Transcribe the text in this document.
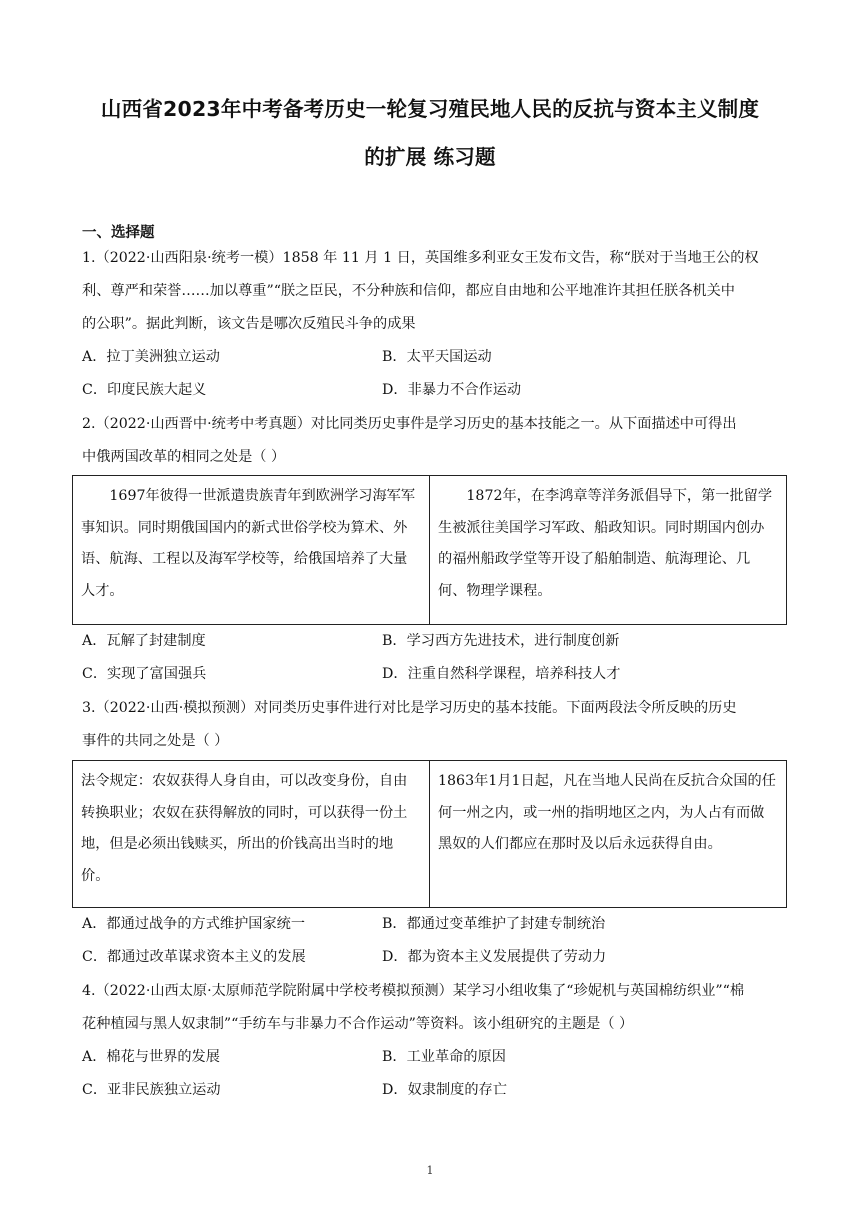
山西省2023年中考备考历史一轮复习殖民地人民的反抗与资本主义制度
的扩展 练习题
一、选择题
1.（2022·山西阳泉·统考一模）1858 年 11 月 1 日，英国维多利亚女王发布文告，称“朕对于当地王公的权
利、尊严和荣誉……加以尊重”“朕之臣民，不分种族和信仰，都应自由地和公平地准许其担任朕各机关中
的公职”。据此判断，该文告是哪次反殖民斗争的成果
A．拉丁美洲独立运动	B．太平天国运动
C．印度民族大起义	D．非暴力不合作运动
2.（2022·山西晋中·统考中考真题）对比同类历史事件是学习历史的基本技能之一。从下面描述中可得出
中俄两国改革的相同之处是（ ）
1697年彼得一世派遣贵族青年到欧洲学习海军军事知识。同时期俄国国内的新式世俗学校为算术、外语、航海、工程以及海军学校等，给俄国培养了大量人才。	1872年，在李鸿章等洋务派倡导下，第一批留学生被派往美国学习军政、船政知识。同时期国内创办的福州船政学堂等开设了船舶制造、航海理论、几何、物理学课程。
A．瓦解了封建制度	B．学习西方先进技术，进行制度创新
C．实现了富国强兵	D．注重自然科学课程，培养科技人才
3.（2022·山西·模拟预测）对同类历史事件进行对比是学习历史的基本技能。下面两段法令所反映的历史
事件的共同之处是（ ）
法令规定：农奴获得人身自由，可以改变身份，自由转换职业；农奴在获得解放的同时，可以获得一份土地，但是必须出钱赎买，所出的价钱高出当时的地价。	1863年1月1日起，凡在当地人民尚在反抗合众国的任何一州之内，或一州的指明地区之内，为人占有而做黑奴的人们都应在那时及以后永远获得自由。
A．都通过战争的方式维护国家统一	B．都通过变革维护了封建专制统治
C．都通过改革谋求资本主义的发展	D．都为资本主义发展提供了劳动力
4.（2022·山西太原·太原师范学院附属中学校考模拟预测）某学习小组收集了“珍妮机与英国棉纺织业”“棉
花种植园与黑人奴隶制”“手纺车与非暴力不合作运动”等资料。该小组研究的主题是（ ）
A．棉花与世界的发展	B．工业革命的原因
C．亚非民族独立运动	D．奴隶制度的存亡
1
